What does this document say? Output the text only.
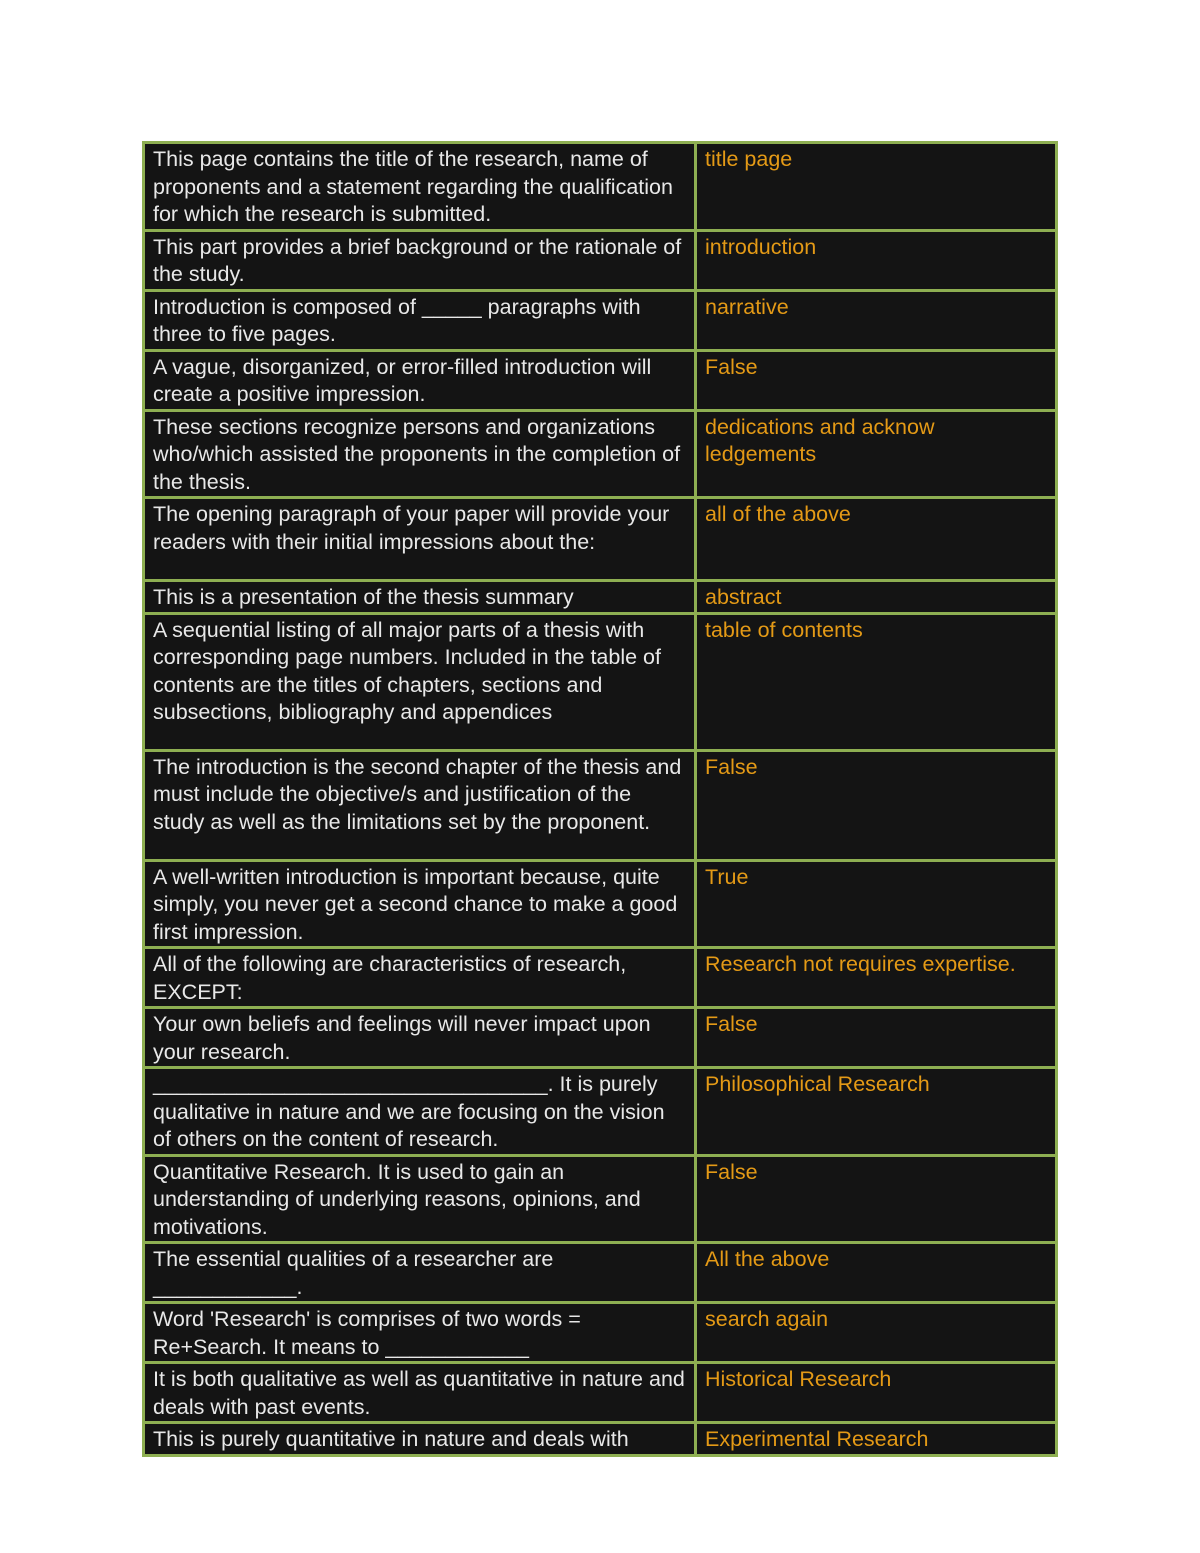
This page contains the title of the research, name of proponents and a statement regarding the qualification for which the research is submitted.	title page
This part provides a brief background or the rationale of the study.	introduction
Introduction is composed of _____ paragraphs with three to five pages.	narrative
A vague, disorganized, or error-filled introduction will create a positive impression.	False
These sections recognize persons and organizations who/which assisted the proponents in the completion of the thesis.	dedications and acknow ledgements
The opening paragraph of your paper will provide your readers with their initial impressions about the:	all of the above
This is a presentation of the thesis summary	abstract
A sequential listing of all major parts of a thesis with corresponding page numbers. Included in the table of contents are the titles of chapters, sections and subsections, bibliography and appendices	table of contents
The introduction is the second chapter of the thesis and must include the objective/s and justification of the study as well as the limitations set by the proponent.	False
A well-written introduction is important because, quite simply, you never get a second chance to make a good first impression.	True
All of the following are characteristics of research, EXCEPT:	Research not requires expertise.
Your own beliefs and feelings will never impact upon your research.	False
_________________________________. It is purely qualitative in nature and we are focusing on the vision of others on the content of research.	Philosophical Research
Quantitative Research. It is used to gain an understanding of underlying reasons, opinions, and motivations.	False
The essential qualities of a researcher are ____________.	All the above
Word 'Research' is comprises of two words = Re+Search. It means to ____________	search again
It is both qualitative as well as quantitative in nature and deals with past events.	Historical Research
This is purely quantitative in nature and deals with	Experimental Research
